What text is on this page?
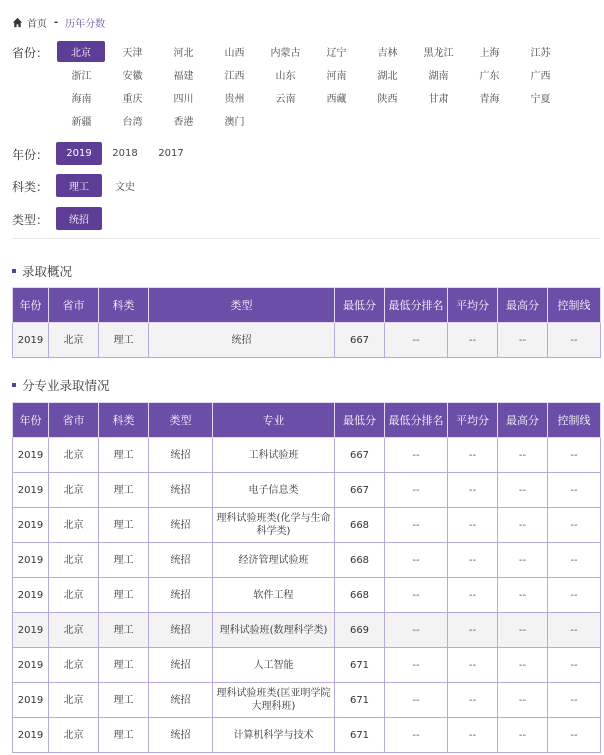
首页 - 历年分数
省份：	北京	天津	河北	山西	内蒙古	辽宁	吉林	黑龙江	上海	江苏
浙江	安徽	福建	江西	山东	河南	湖北	湖南	广东	广西
海南	重庆	四川	贵州	云南	西藏	陕西	甘肃	青海	宁夏
新疆	台湾	香港	澳门
年份：	2019	2018	2017
科类：	理工	文史
类型：	统招
录取概况
年份	省市	科类	类型	最低分	最低分排名	平均分	最高分	控制线
2019	北京	理工	统招	667	--	--	--	--
分专业录取情况
年份	省市	科类	类型	专业	最低分	最低分排名	平均分	最高分	控制线
2019	北京	理工	统招	工科试验班	667	--	--	--	--
2019	北京	理工	统招	电子信息类	667	--	--	--	--
2019	北京	理工	统招	理科试验班类(化学与生命科学类)	668	--	--	--	--
2019	北京	理工	统招	经济管理试验班	668	--	--	--	--
2019	北京	理工	统招	软件工程	668	--	--	--	--
2019	北京	理工	统招	理科试验班(数理科学类)	669	--	--	--	--
2019	北京	理工	统招	人工智能	671	--	--	--	--
2019	北京	理工	统招	理科试验班类(匡亚明学院大理科班)	671	--	--	--	--
2019	北京	理工	统招	计算机科学与技术	671	--	--	--	--
